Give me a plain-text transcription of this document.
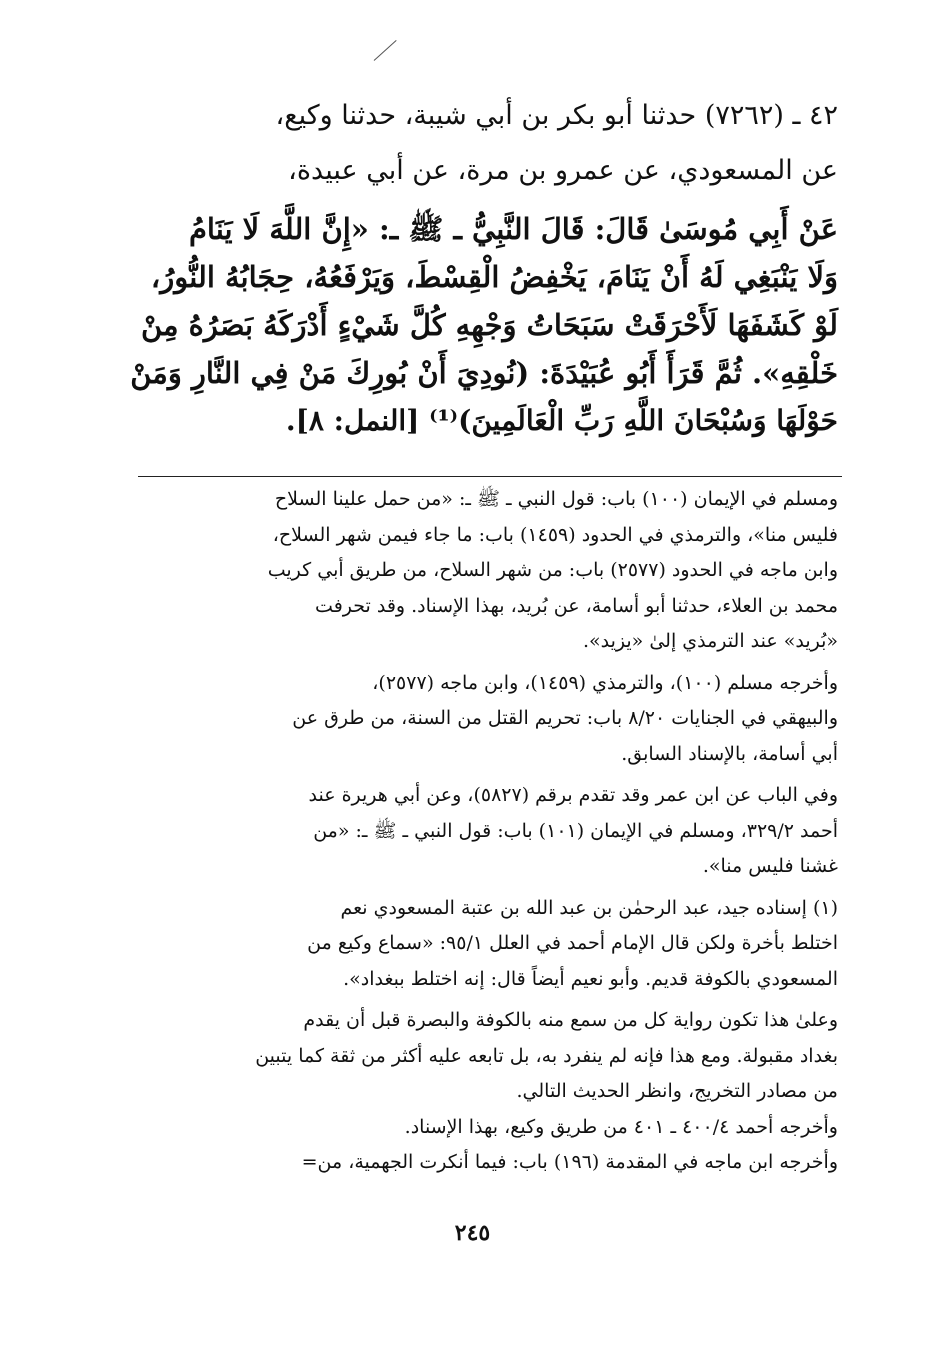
٤٢ ـ (٧٢٦٢) حدثنا أبو بكر بن أبي شيبة، حدثنا وكيع،
عن المسعودي، عن عمرو بن مرة، عن أبي عبيدة،
عَنْ أَبِي مُوسَىٰ قَالَ: قَالَ النَّبِيُّ ـ ﷺ ـ: «إِنَّ اللَّهَ لَا يَنَامُ
وَلَا يَنْبَغِي لَهُ أَنْ يَنَامَ، يَخْفِضُ الْقِسْطَ، وَيَرْفَعُهُ، حِجَابُهُ النُّورُ،
لَوْ كَشَفَهَا لَأَحْرَقَتْ سَبَحَاتُ وَجْهِهِ كُلَّ شَيْءٍ أَدْرَكَهُ بَصَرُهُ مِنْ
خَلْقِهِ». ثُمَّ قَرَأَ أَبُو عُبَيْدَةَ: (نُودِيَ أَنْ بُورِكَ مَنْ فِي النَّارِ وَمَنْ
حَوْلَهَا وَسُبْحَانَ اللَّهِ رَبِّ الْعَالَمِينَ)⁽¹⁾ [النمل: ٨].
ومسلم في الإيمان (١٠٠) باب: قول النبي ـ ﷺ ـ: «من حمل علينا السلاح
فليس منا»، والترمذي في الحدود (١٤٥٩) باب: ما جاء فيمن شهر السلاح،
وابن ماجه في الحدود (٢٥٧٧) باب: من شهر السلاح، من طريق أبي كريب
محمد بن العلاء، حدثنا أبو أسامة، عن بُريد، بهذا الإسناد. وقد تحرفت
«بُريد» عند الترمذي إلىٰ «يزيد».
وأخرجه مسلم (١٠٠)، والترمذي (١٤٥٩)، وابن ماجه (٢٥٧٧)،
والبيهقي في الجنايات ٨/٢٠ باب: تحريم القتل من السنة، من طرق عن
أبي أسامة، بالإسناد السابق.
وفي الباب عن ابن عمر وقد تقدم برقم (٥٨٢٧)، وعن أبي هريرة عند
أحمد ٣٢٩/٢، ومسلم في الإيمان (١٠١) باب: قول النبي ـ ﷺ ـ: «من
غشنا فليس منا».
(١) إسناده جيد، عبد الرحمٰن بن عبد الله بن عتبة المسعودي نعم
اختلط بأخرة ولكن قال الإمام أحمد في العلل ٩٥/١: «سماع وكيع من
المسعودي بالكوفة قديم. وأبو نعيم أيضاً قال: إنه اختلط ببغداد».
وعلىٰ هذا تكون رواية كل من سمع منه بالكوفة والبصرة قبل أن يقدم
بغداد مقبولة. ومع هذا فإنه لم ينفرد به، بل تابعه عليه أكثر من ثقة كما يتبين
من مصادر التخريج، وانظر الحديث التالي.
وأخرجه أحمد ٤٠٠/٤ ـ ٤٠١ من طريق وكيع، بهذا الإسناد.
وأخرجه ابن ماجه في المقدمة (١٩٦) باب: فيما أنكرت الجهمية، من=
٢٤٥
